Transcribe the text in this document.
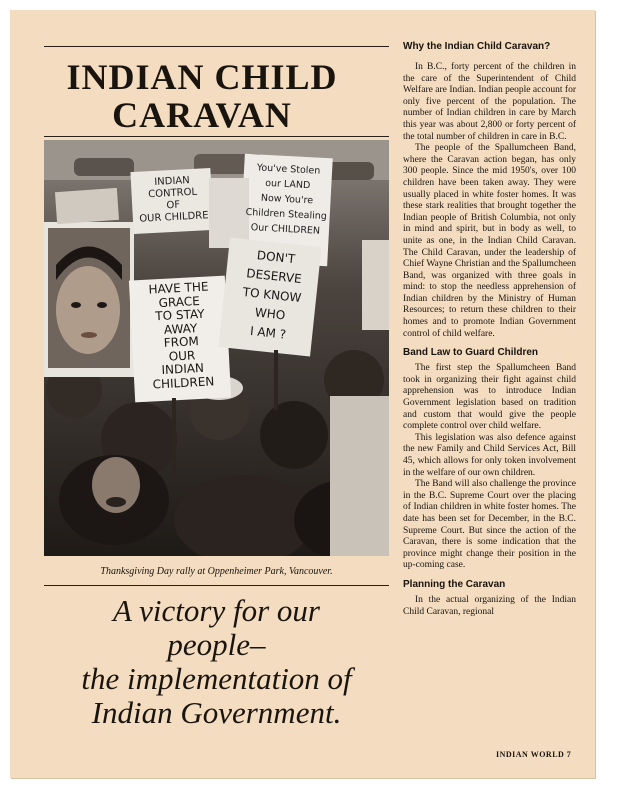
INDIAN CHILD
CARAVAN
INDIAN
CONTROL
OF
OUR CHILDRE
You've Stolen
our LAND
Now You're
Children Stealing
Our CHILDREN
HAVE THE
GRACE
TO STAY
AWAY
FROM
OUR
INDIAN
CHILDREN
DON'T
DESERVE
TO KNOW
WHO
I AM ?
Thanksgiving Day rally at Oppenheimer Park, Vancouver.
A victory for our
people–
the implementation of
Indian Government.

Why the Indian Child Caravan?

In B.C., forty percent of the children in the care of the Superintendent of Child Welfare are Indian. Indian people account for only five percent of the population. The number of Indian children in care by March this year was about 2,800 or forty percent of the total number of children in care in B.C.

The people of the Spallumcheen Band, where the Caravan action began, has only 300 people. Since the mid 1950's, over 100 children have been taken away. They were usually placed in white foster homes. It was these stark realities that brought together the Indian people of British Columbia, not only in mind and spirit, but in body as well, to unite as one, in the Indian Child Caravan. The Child Caravan, under the leadership of Chief Wayne Christian and the Spallumcheen Band, was organized with three goals in mind: to stop the needless apprehension of Indian children by the Ministry of Human Resources; to return these children to their homes and to promote Indian Government control of child welfare.

Band Law to Guard Children

The first step the Spallumcheen Band took in organizing their fight against child apprehension was to introduce Indian Government legislation based on tradition and custom that would give the people complete control over child welfare.

This legislation was also defence against the new Family and Child Services Act, Bill 45, which allows for only token involvement in the welfare of our own children.

The Band will also challenge the province in the B.C. Supreme Court over the placing of Indian children in white foster homes. The date has been set for December, in the B.C. Supreme Court. But since the action of the Caravan, there is some indication that the province might change their position in the up-coming case.

Planning the Caravan

In the actual organizing of the Indian Child Caravan, regional

INDIAN WORLD 7
